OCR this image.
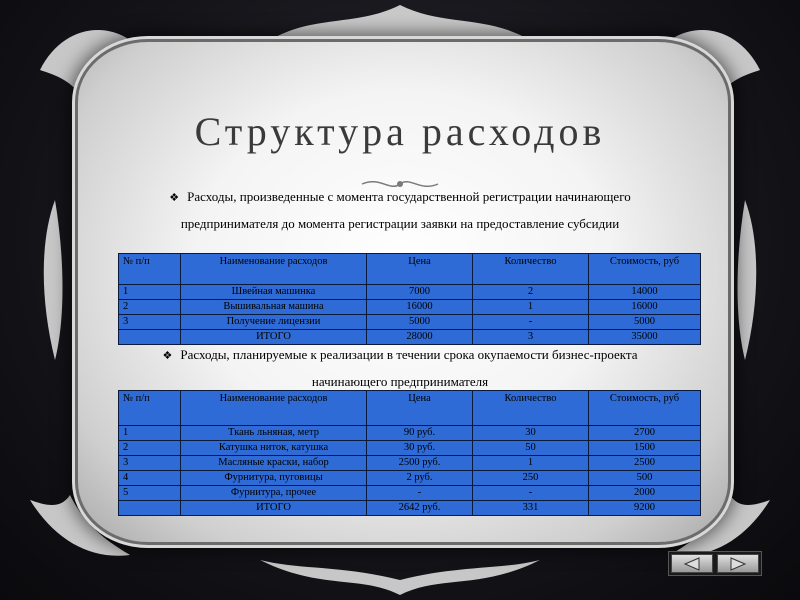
Структура расходов

❖ Расходы, произведенные с момента государственной регистрации начинающего предпринимателя до момента регистрации заявки на предоставление субсидии

№ п/п	Наименование расходов	Цена	Количество	Стоимость, руб
1	Швейная машинка	7000	2	14000
2	Вышивальная машина	16000	1	16000
3	Получение лицензии	5000	-	5000
	ИТОГО	28000	3	35000

❖ Расходы, планируемые к реализации в течении срока окупаемости бизнес-проекта начинающего предпринимателя

№ п/п	Наименование расходов	Цена	Количество	Стоимость, руб
1	Ткань льняная, метр	90 руб.	30	2700
2	Катушка ниток, катушка	30 руб.	50	1500
3	Масляные краски, набор	2500 руб.	1	2500
4	Фурнитура, пуговицы	2 руб.	250	500
5	Фурнитура, прочее	-	-	2000
	ИТОГО	2642 руб.	331	9200
